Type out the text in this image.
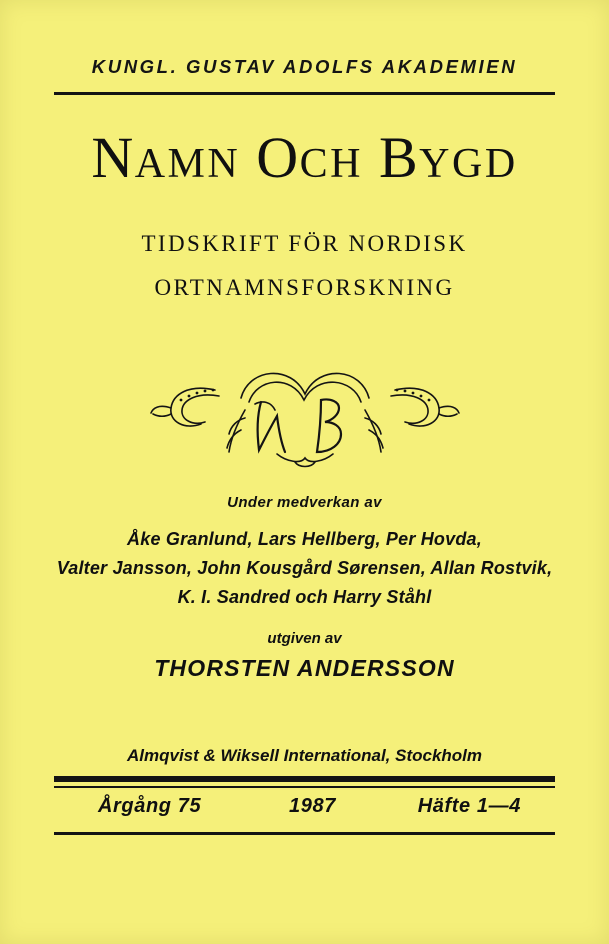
KUNGL. GUSTAV ADOLFS AKADEMIEN
NAMN OCH BYGD
TIDSKRIFT FÖR NORDISK
ORTNAMNSFORSKNING
Under medverkan av
Åke Granlund, Lars Hellberg, Per Hovda,
Valter Jansson, John Kousgård Sørensen, Allan Rostvik,
K. I. Sandred och Harry Ståhl
utgiven av
THORSTEN ANDERSSON
Almqvist & Wiksell International, Stockholm
Årgång 75	1987	Häfte 1—4
